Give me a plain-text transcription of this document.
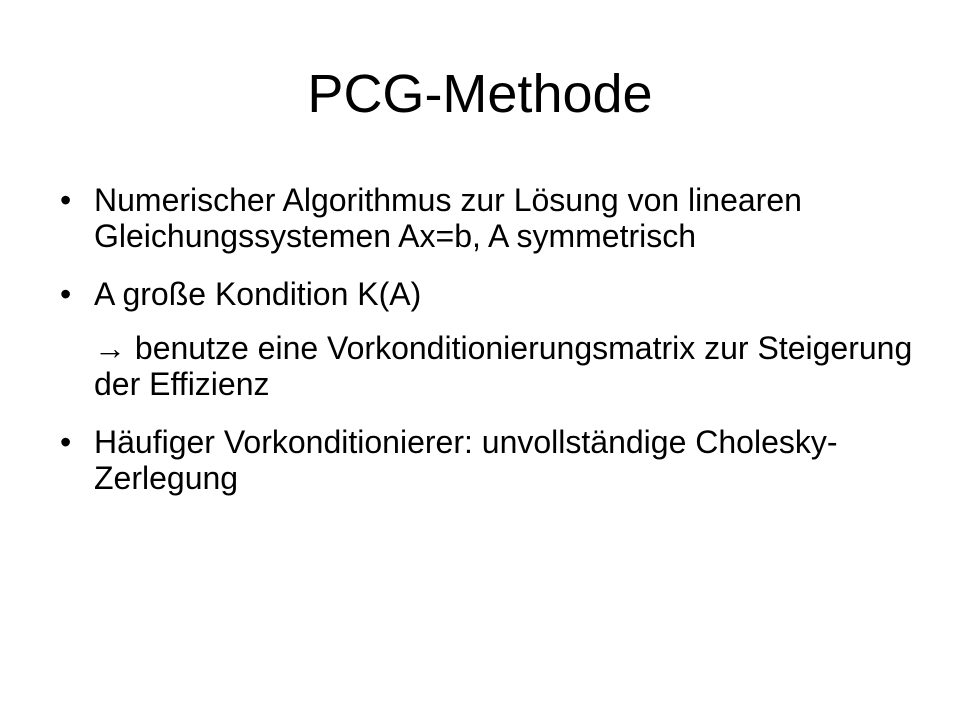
PCG-Methode
• Numerischer Algorithmus zur Lösung von linearen Gleichungssystemen Ax=b, A symmetrisch
• A große Kondition K(A)
→ benutze eine Vorkonditionierungsmatrix zur Steigerung der Effizienz
• Häufiger Vorkonditionierer: unvollständige Cholesky-Zerlegung
